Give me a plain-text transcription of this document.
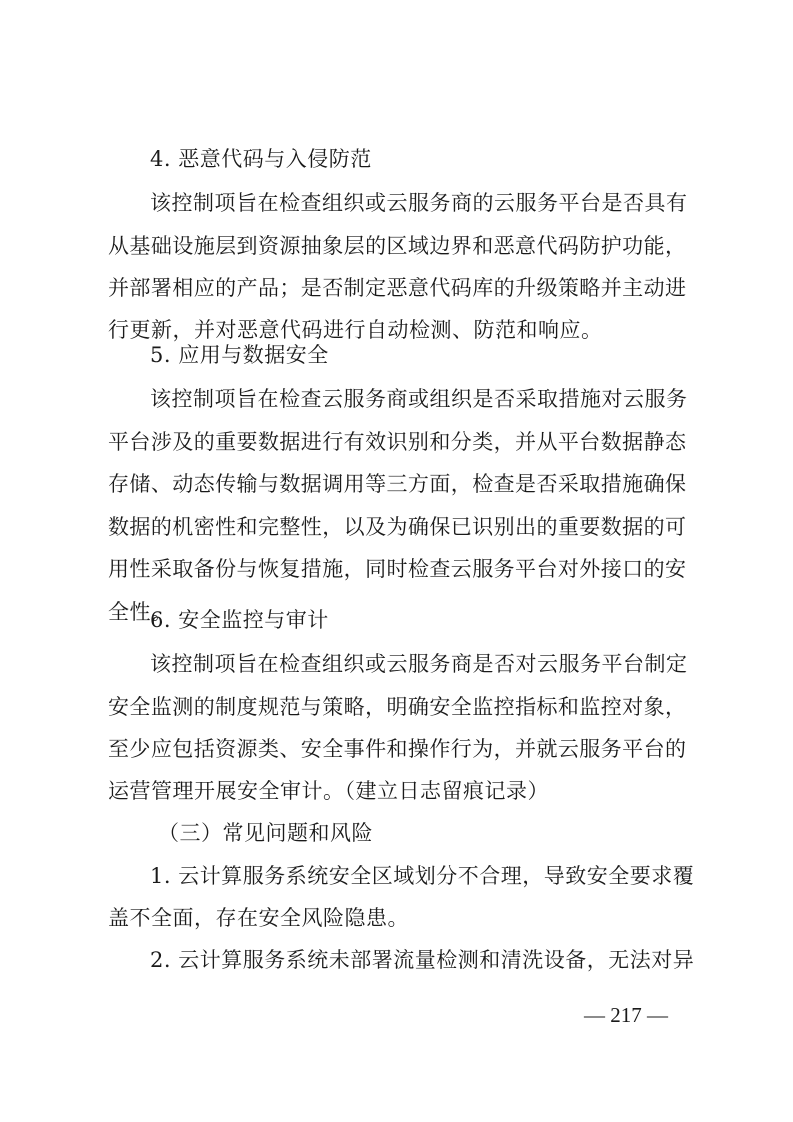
4. 恶意代码与入侵防范
该控制项旨在检查组织或云服务商的云服务平台是否具有
从基础设施层到资源抽象层的区域边界和恶意代码防护功能，
并部署相应的产品；是否制定恶意代码库的升级策略并主动进
行更新，并对恶意代码进行自动检测、防范和响应。
5. 应用与数据安全
该控制项旨在检查云服务商或组织是否采取措施对云服务
平台涉及的重要数据进行有效识别和分类，并从平台数据静态
存储、动态传输与数据调用等三方面，检查是否采取措施确保
数据的机密性和完整性，以及为确保已识别出的重要数据的可
用性采取备份与恢复措施，同时检查云服务平台对外接口的安
全性。
6. 安全监控与审计
该控制项旨在检查组织或云服务商是否对云服务平台制定
安全监测的制度规范与策略，明确安全监控指标和监控对象，
至少应包括资源类、安全事件和操作行为，并就云服务平台的
运营管理开展安全审计。（建立日志留痕记录）
（三）常见问题和风险
1. 云计算服务系统安全区域划分不合理，导致安全要求覆
盖不全面，存在安全风险隐患。
2. 云计算服务系统未部署流量检测和清洗设备，无法对异
— 217 —
